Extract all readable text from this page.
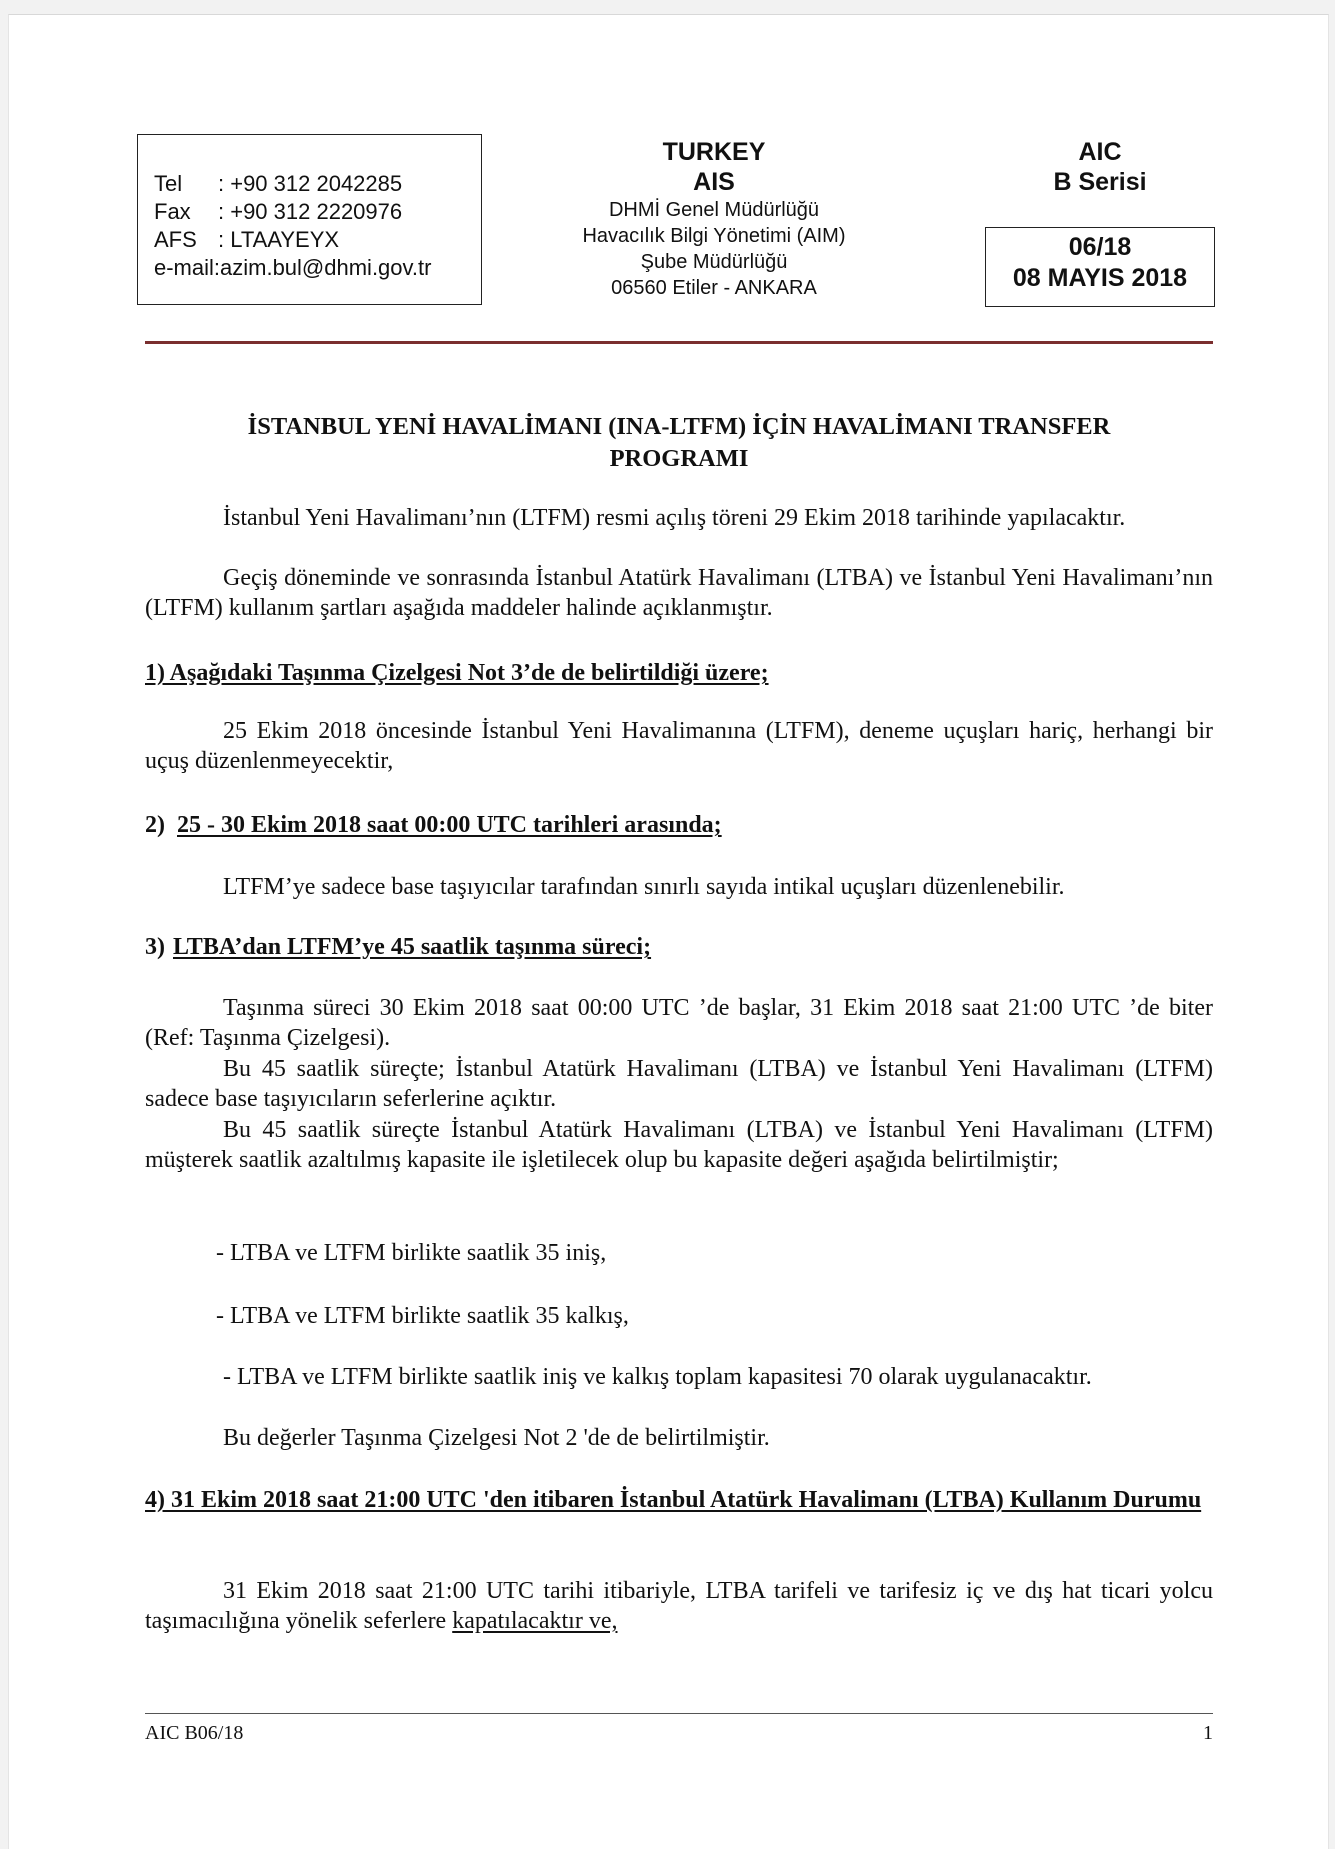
Tel	: +90 312 2042285
Fax	: +90 312 2220976
AFS : LTAAYEYX
e-mail:azim.bul@dhmi.gov.tr
TURKEY
AIS
DHMİ Genel Müdürlüğü
Havacılık Bilgi Yönetimi (AIM)
Şube Müdürlüğü
06560 Etiler - ANKARA
AIC
B Serisi
06/18
08 MAYIS 2018
İSTANBUL YENİ HAVALİMANI (INA-LTFM) İÇİN HAVALİMANI TRANSFER
PROGRAMI
İstanbul Yeni Havalimanı’nın (LTFM) resmi açılış töreni 29 Ekim 2018 tarihinde yapılacaktır.
Geçiş döneminde ve sonrasında İstanbul Atatürk Havalimanı (LTBA) ve İstanbul Yeni Havalimanı’nın (LTFM) kullanım şartları aşağıda maddeler halinde açıklanmıştır.
1) Aşağıdaki Taşınma Çizelgesi Not 3’de de belirtildiği üzere;
25 Ekim 2018 öncesinde İstanbul Yeni Havalimanına (LTFM), deneme uçuşları hariç, herhangi bir uçuş düzenlenmeyecektir,
2) 25 - 30 Ekim 2018 saat 00:00 UTC tarihleri arasında;
LTFM’ye sadece base taşıyıcılar tarafından sınırlı sayıda intikal uçuşları düzenlenebilir.
3) LTBA’dan LTFM’ye 45 saatlik taşınma süreci;
Taşınma süreci 30 Ekim 2018 saat 00:00 UTC ’de başlar, 31 Ekim 2018 saat 21:00 UTC ’de biter (Ref: Taşınma Çizelgesi).
Bu 45 saatlik süreçte; İstanbul Atatürk Havalimanı (LTBA) ve İstanbul Yeni Havalimanı (LTFM) sadece base taşıyıcıların seferlerine açıktır.
Bu 45 saatlik süreçte İstanbul Atatürk Havalimanı (LTBA) ve İstanbul Yeni Havalimanı (LTFM) müşterek saatlik azaltılmış kapasite ile işletilecek olup bu kapasite değeri aşağıda belirtilmiştir;
- LTBA ve LTFM birlikte saatlik 35 iniş,
- LTBA ve LTFM birlikte saatlik 35 kalkış,
- LTBA ve LTFM birlikte saatlik iniş ve kalkış toplam kapasitesi 70 olarak uygulanacaktır.
Bu değerler Taşınma Çizelgesi Not 2 'de de belirtilmiştir.
4) 31 Ekim 2018 saat 21:00 UTC 'den itibaren İstanbul Atatürk Havalimanı (LTBA) Kullanım Durumu
31 Ekim 2018 saat 21:00 UTC tarihi itibariyle, LTBA tarifeli ve tarifesiz iç ve dış hat ticari yolcu taşımacılığına yönelik seferlere kapatılacaktır ve,
AIC B06/18	1
